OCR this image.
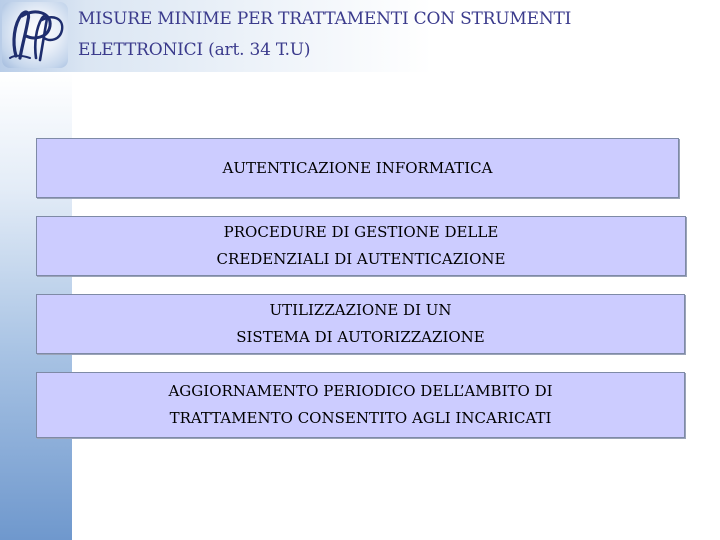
MISURE MINIME PER TRATTAMENTI CON STRUMENTI
ELETTRONICI (art. 34 T.U)
AUTENTICAZIONE INFORMATICA
PROCEDURE DI GESTIONE DELLE
CREDENZIALI DI AUTENTICAZIONE
UTILIZZAZIONE DI UN
SISTEMA DI AUTORIZZAZIONE
AGGIORNAMENTO PERIODICO DELL’AMBITO DI
TRATTAMENTO CONSENTITO AGLI INCARICATI
